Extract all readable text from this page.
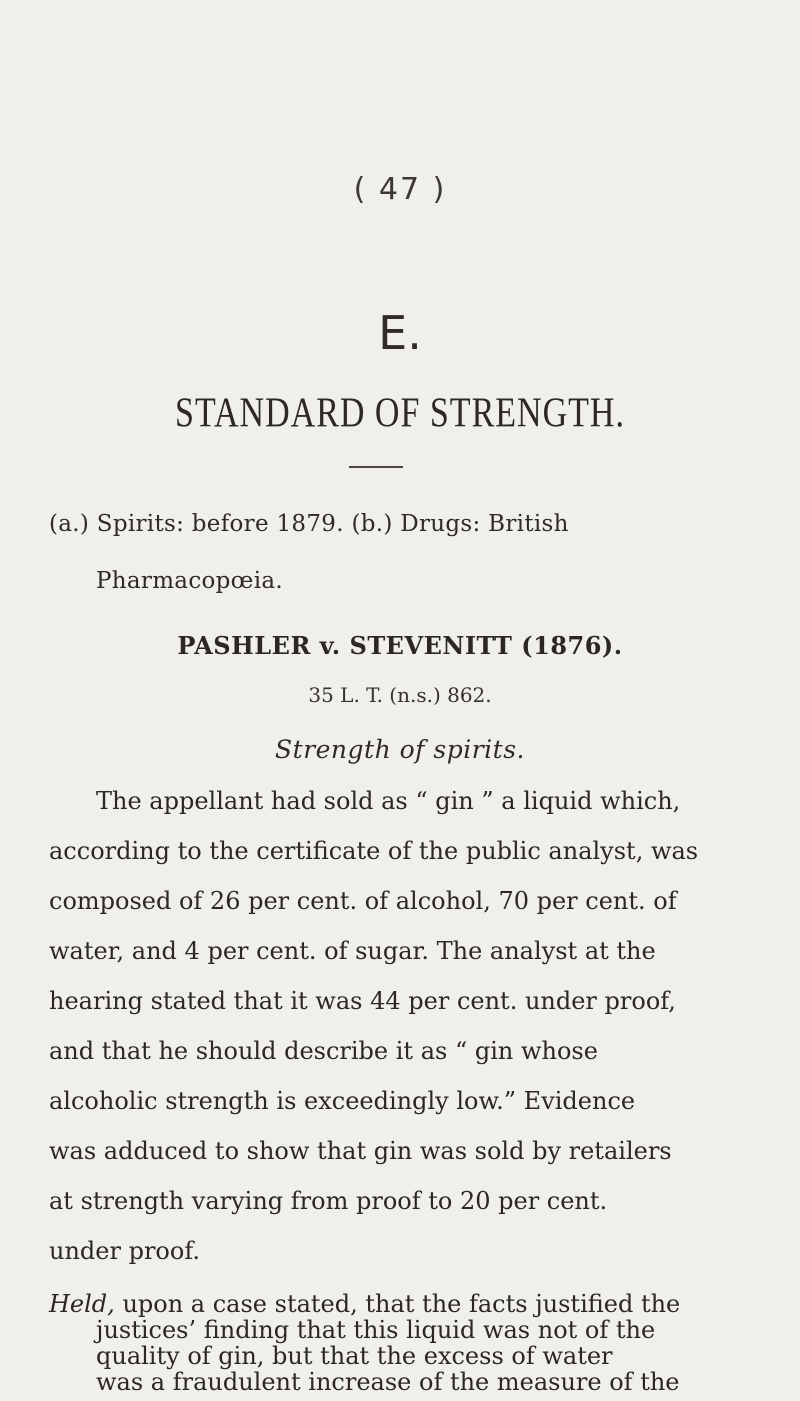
( 47 )
E.
STANDARD OF STRENGTH.
(a.) Spirits: before 1879. (b.) Drugs: British
Pharmacopœia.
PASHLER v. STEVENITT (1876).
35 L. T. (n.s.) 862.
Strength of spirits.
The appellant had sold as “ gin ” a liquid which,
according to the certificate of the public analyst, was
composed of 26 per cent. of alcohol, 70 per cent. of
water, and 4 per cent. of sugar. The analyst at the
hearing stated that it was 44 per cent. under proof,
and that he should describe it as “ gin whose
alcoholic strength is exceedingly low.” Evidence
was adduced to show that gin was sold by retailers
at strength varying from proof to 20 per cent.
under proof.
Held, upon a case stated, that the facts justified the
justices’ finding that this liquid was not of the
quality of gin, but that the excess of water
was a fraudulent increase of the measure of the
